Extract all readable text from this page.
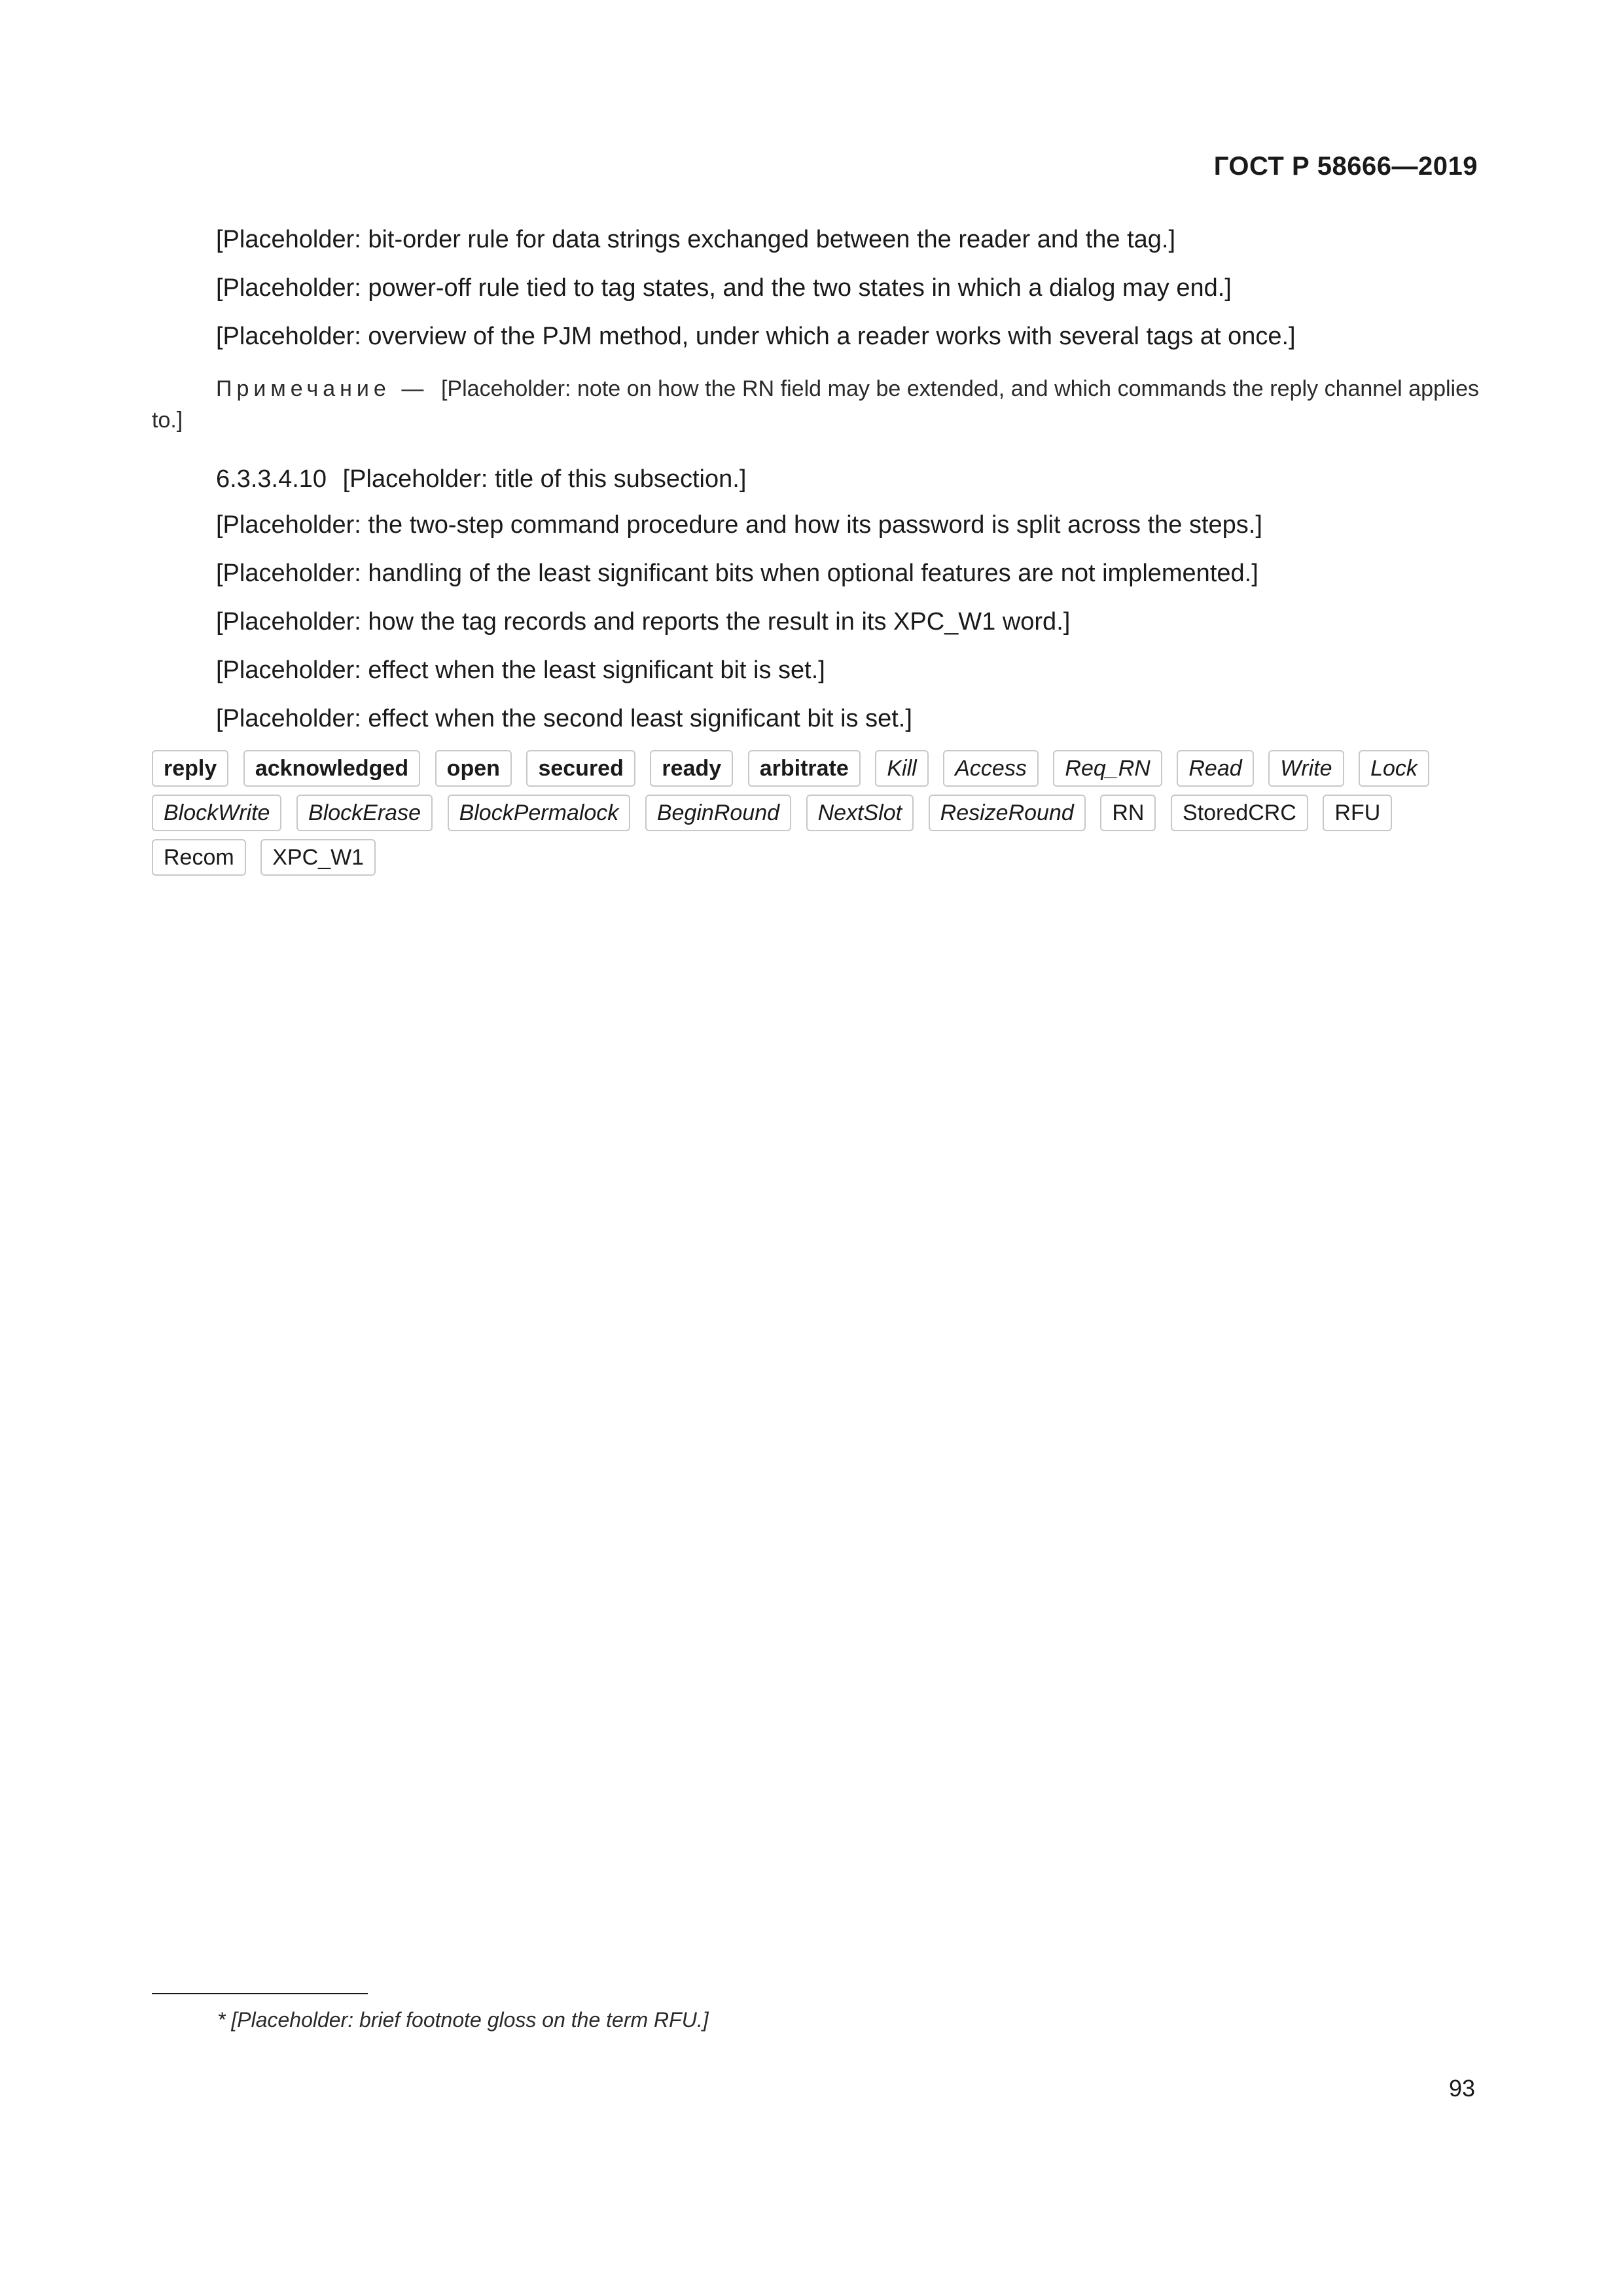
ГОСТ Р 58666—2019

[Placeholder: bit-order rule for data strings exchanged between the reader and the tag.]

[Placeholder: power-off rule tied to tag states, and the two states in which a dialog may end.]

[Placeholder: overview of the PJM method, under which a reader works with several tags at once.]

Примечание — [Placeholder: note on how the RN field may be extended, and which commands the reply channel applies to.]

6.3.3.4.10 [Placeholder: title of this subsection.]

[Placeholder: the two-step command procedure and how its password is split across the steps.]

[Placeholder: handling of the least significant bits when optional features are not implemented.]

[Placeholder: how the tag records and reports the result in its XPC_W1 word.]

[Placeholder: effect when the least significant bit is set.]

[Placeholder: effect when the second least significant bit is set.]

reply acknowledged open secured ready arbitrate Kill Access Req_RN Read Write Lock BlockWrite BlockErase BlockPermalock BeginRound NextSlot ResizeRound RN StoredCRC RFU Recom XPC_W1
* [Placeholder: brief footnote gloss on the term RFU.]
93
